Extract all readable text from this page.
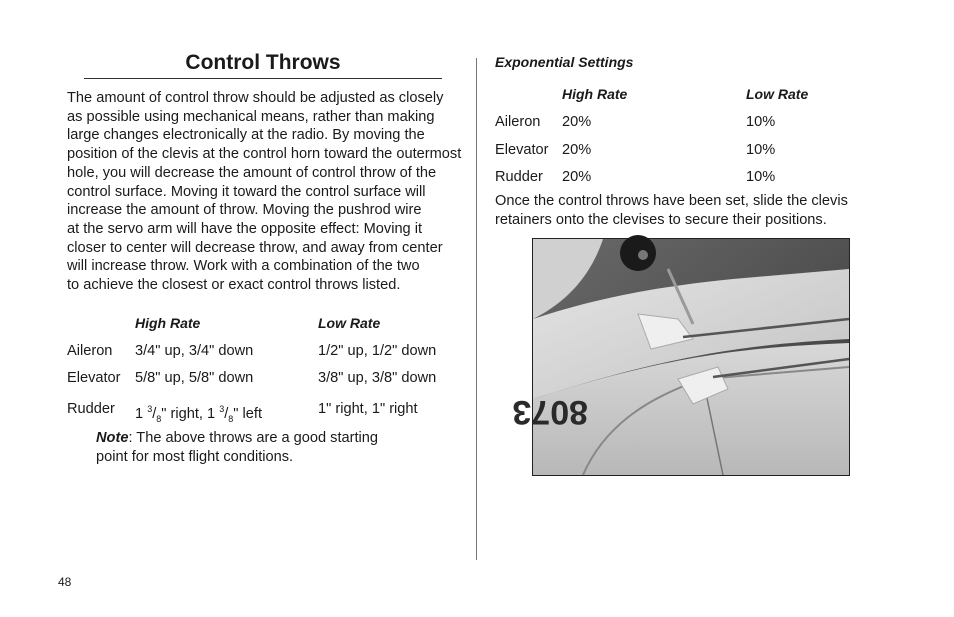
Control Throws

The amount of control throw should be adjusted as closely
as possible using mechanical means, rather than making
large changes electronically at the radio. By moving the
position of the clevis at the control horn toward the outermost
hole, you will decrease the amount of control throw of the
control surface. Moving it toward the control surface will
increase the amount of throw. Moving the pushrod wire
at the servo arm will have the opposite effect: Moving it
closer to center will decrease throw, and away from center
will increase throw. Work with a combination of the two
to achieve the closest or exact control throws listed.

High Rate	Low Rate
Aileron 3/4" up, 3/4" down	1/2" up, 1/2" down
Elevator 5/8" up, 5/8" down	3/8" up, 3/8" down
Rudder 1 $^3/_8$" right, 1 $^3/_8$" left	1" right, 1" right
Note: The above throws are a good starting
point for most flight conditions.
Exponential Settings
High Rate	Low Rate
Aileron 20%	10%
Elevator 20%	10%
Rudder 20%	10%

Once the control throws have been set, slide the clevis
retainers onto the clevises to secure their positions.

8073
48
